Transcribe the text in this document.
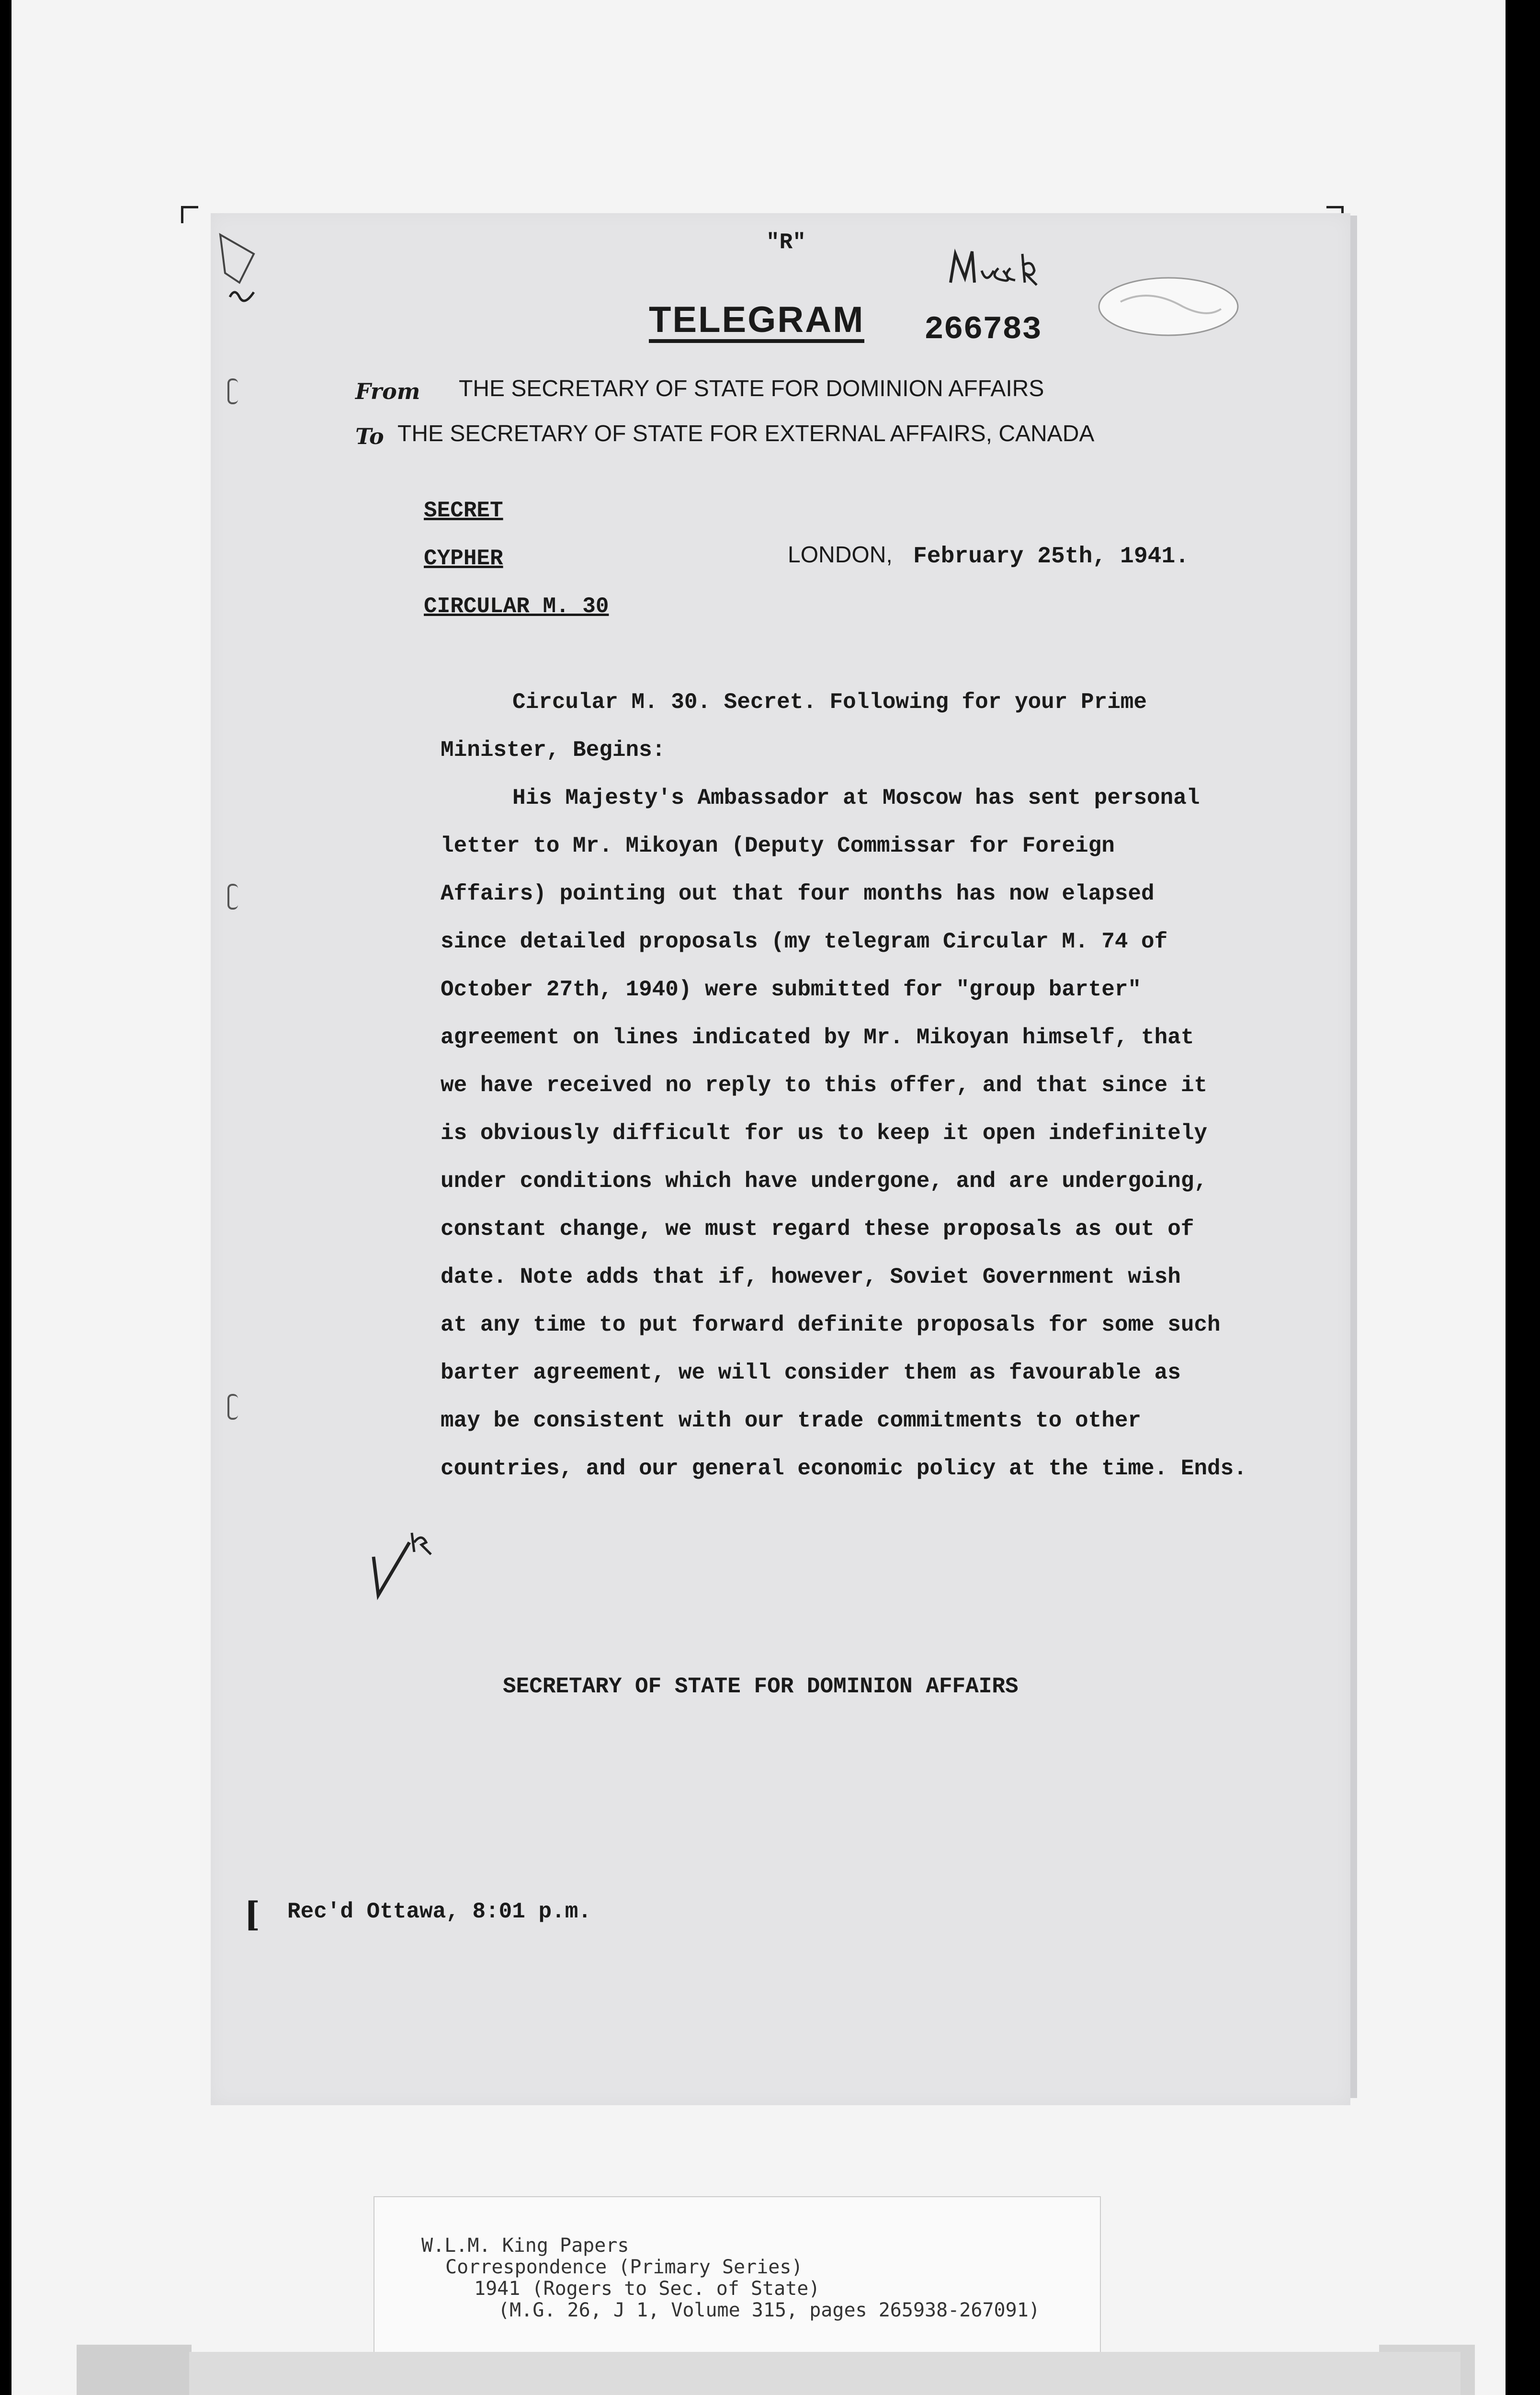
"R"
TELEGRAM 266783
From THE SECRETARY OF STATE FOR DOMINION AFFAIRS
To THE SECRETARY OF STATE FOR EXTERNAL AFFAIRS, CANADA
SECRET
CYPHER
CIRCULAR M. 30
LONDON, February 25th, 1941.
Circular M. 30. Secret. Following for your Prime
Minister, Begins:
His Majesty's Ambassador at Moscow has sent personal
letter to Mr. Mikoyan (Deputy Commissar for Foreign
Affairs) pointing out that four months has now elapsed
since detailed proposals (my telegram Circular M. 74 of
October 27th, 1940) were submitted for "group barter"
agreement on lines indicated by Mr. Mikoyan himself, that
we have received no reply to this offer, and that since it
is obviously difficult for us to keep it open indefinitely
under conditions which have undergone, and are undergoing,
constant change, we must regard these proposals as out of
date. Note adds that if, however, Soviet Government wish
at any time to put forward definite proposals for some such
barter agreement, we will consider them as favourable as
may be consistent with our trade commitments to other
countries, and our general economic policy at the time. Ends.
SECRETARY OF STATE FOR DOMINION AFFAIRS
[ Rec'd Ottawa, 8:01 p.m.
W.L.M. King Papers
Correspondence (Primary Series)
1941 (Rogers to Sec. of State)
(M.G. 26, J 1, Volume 315, pages 265938-267091)
